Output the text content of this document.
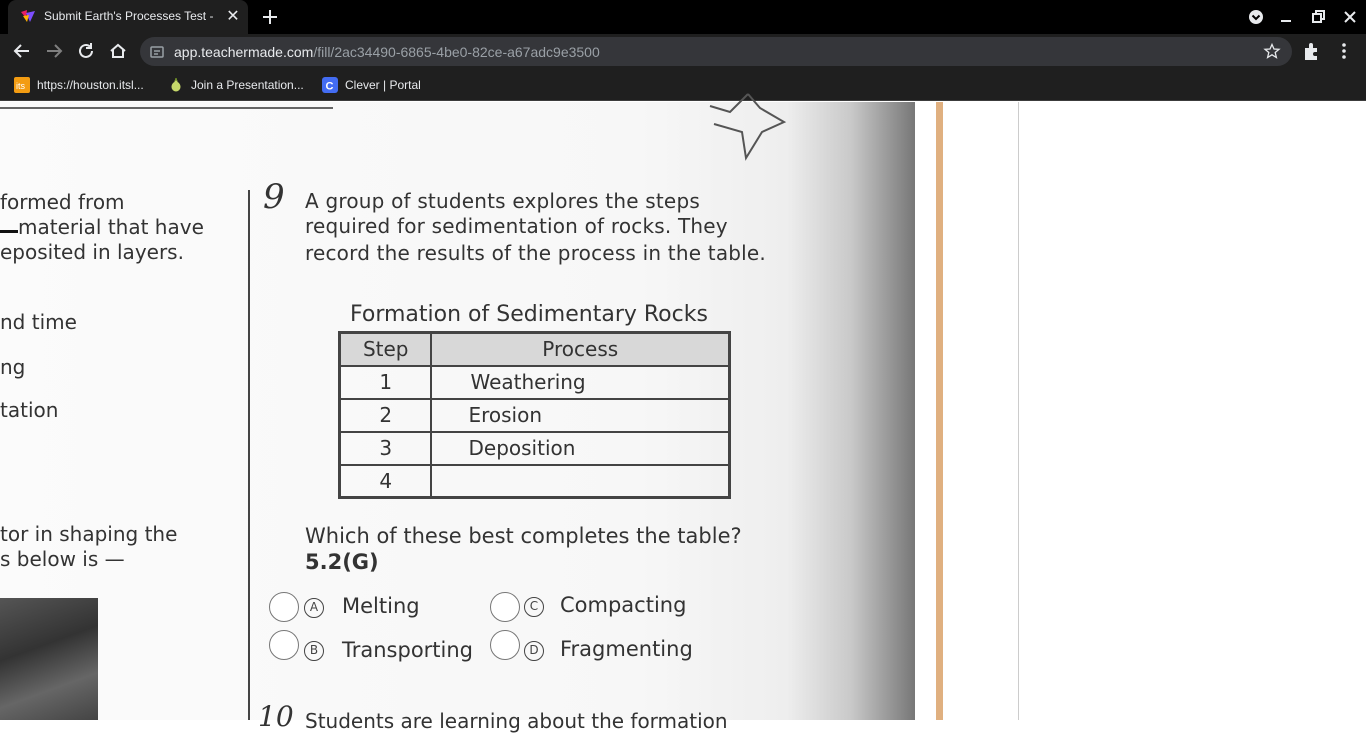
Submit Earth's Processes Test - ✕
app.teachermade.com/fill/2ac34490-6865-4be0-82ce-a67adc9e3500
its https://houston.itsl...	Join a Presentation... C Clever | Portal
formed from
material that have
eposited in layers.
nd time
ng
tation
tor in shaping the
s below is —
9 A group of students explores the steps
required for sedimentation of rocks. They
record the results of the process in the table.
Formation of Sedimentary Rocks
Step	Process
1	Weathering
2	Erosion
3	Deposition
4	
Which of these best completes the table?
5.2(G)
A Melting
B Transporting
C Compacting
D Fragmenting
10 Students are learning about the formation
